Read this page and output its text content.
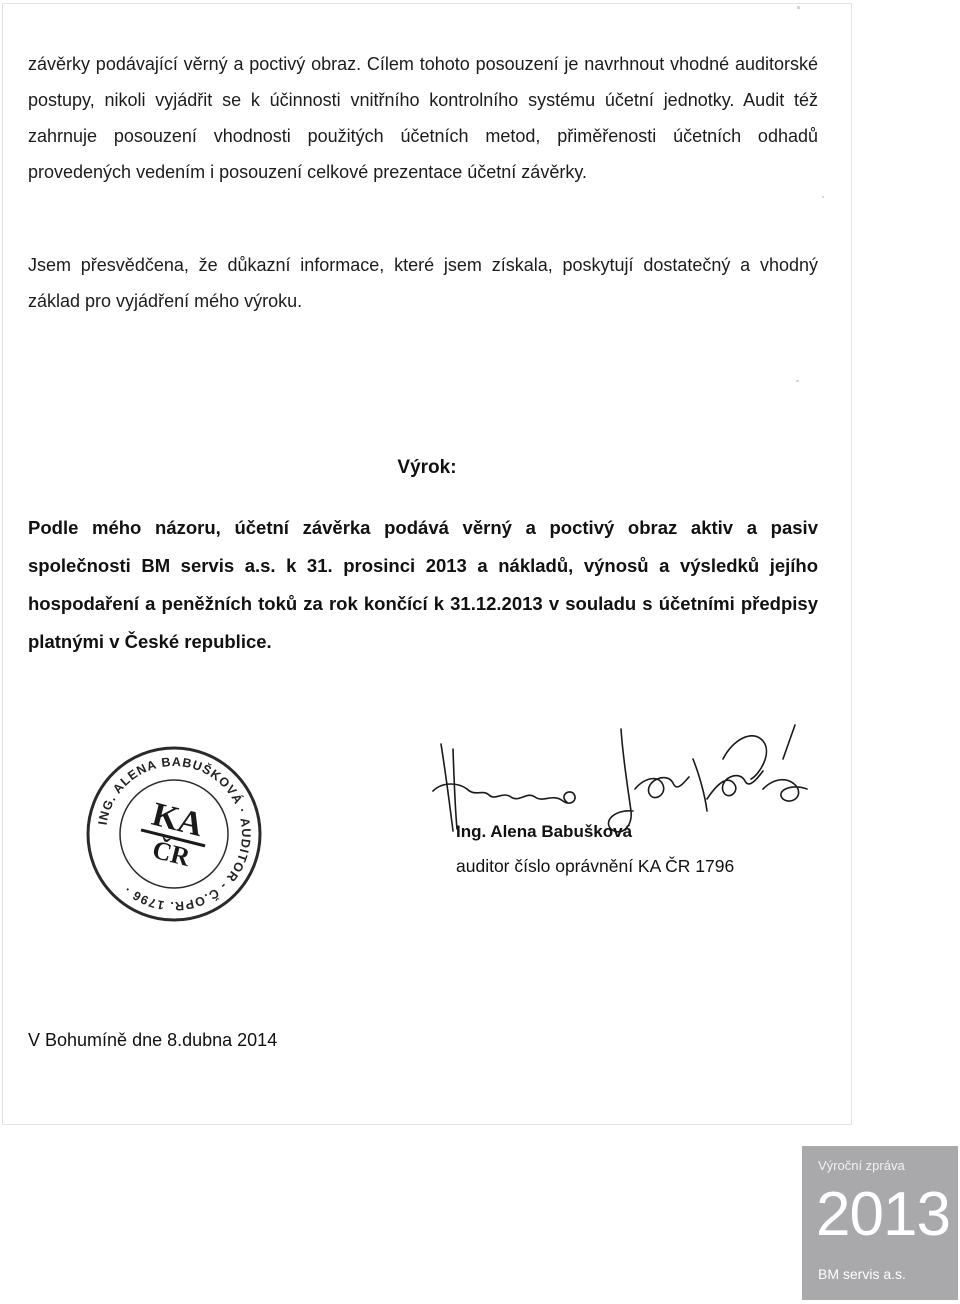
závěrky podávající věrný a poctivý obraz. Cílem tohoto posouzení je navrhnout vhodné auditorské postupy, nikoli vyjádřit se k účinnosti vnitřního kontrolního systému účetní jednotky. Audit též zahrnuje posouzení vhodnosti použitých účetních metod, přiměřenosti účetních odhadů provedených vedením i posouzení celkové prezentace účetní závěrky.

Jsem přesvědčena, že důkazní informace, které jsem získala, poskytují dostatečný a vhodný základ pro vyjádření mého výroku.

Výrok:

Podle mého názoru, účetní závěrka podává věrný a poctivý obraz aktiv a pasiv společnosti BM servis a.s. k 31. prosinci 2013 a nákladů, výnosů a výsledků jejího hospodaření a peněžních toků za rok končící k 31.12.2013 v souladu s účetními předpisy platnými v České republice.

ING. ALENA BABUŠKOVÁ · AUDITOR - Č.OPR. 1796 ·
KA
ČR
Ing. Alena Babušková
auditor číslo oprávnění KA ČR 1796
V Bohumíně dne 8.dubna 2014
Výroční zpráva
2013
BM servis a.s.
